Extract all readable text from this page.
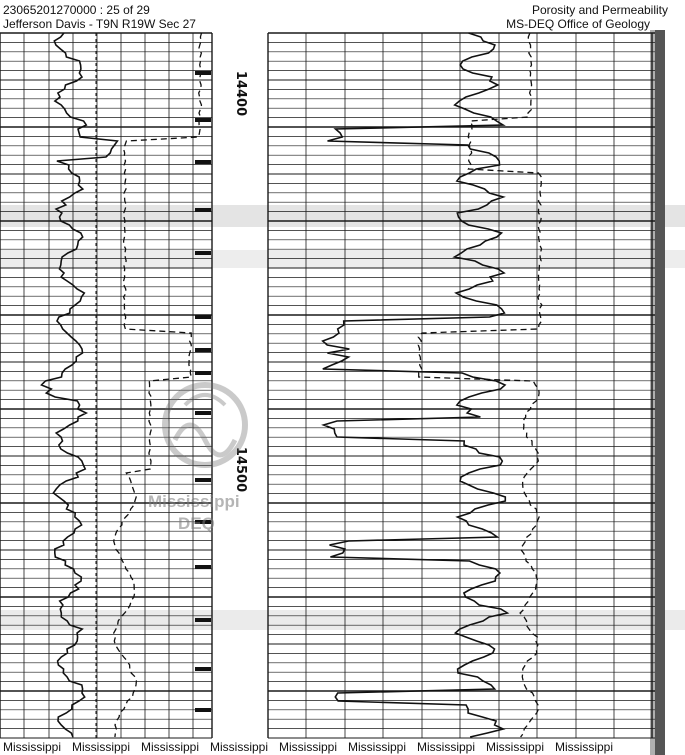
23065201270000 : 25 of 29
Jefferson Davis - T9N R19W Sec 27
Porosity and Permeability
MS-DEQ Office of Geology
14400
14500
Mississippi
DEQ
Mississippi Mississippi Mississippi Mississippi Mississippi Mississippi Mississippi Mississippi Mississippi
